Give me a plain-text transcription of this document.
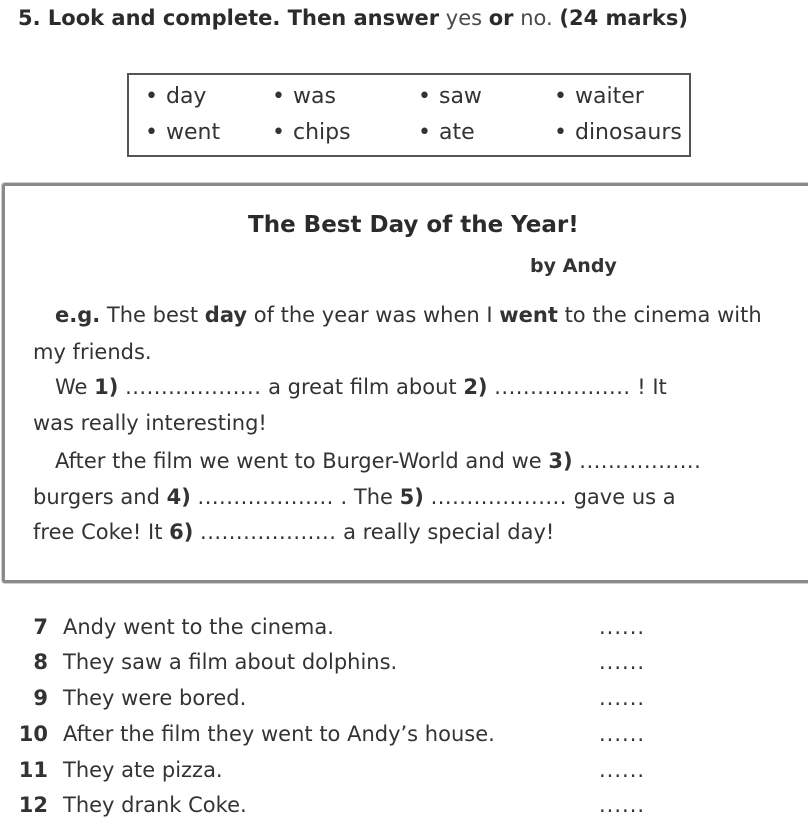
5. Look and complete. Then answer yes or no. (24 marks)
• day	• was	• saw	• waiter
• went • chips	• ate	• dinosaurs
The Best Day of the Year!
by Andy
e.g. The best day of the year was when I went to the cinema with
my friends.
We 1) ................... a great film about 2) ................... ! It
was really interesting!
After the film we went to Burger-World and we 3) .................
burgers and 4) ................... . The 5) ................... gave us a
free Coke! It 6) ................... a really special day!
7 Andy went to the cinema.	......
8 They saw a film about dolphins.	......
9 They were bored.	......
10 After the film they went to Andy’s house.	......
11 They ate pizza.	......
12 They drank Coke.	......
